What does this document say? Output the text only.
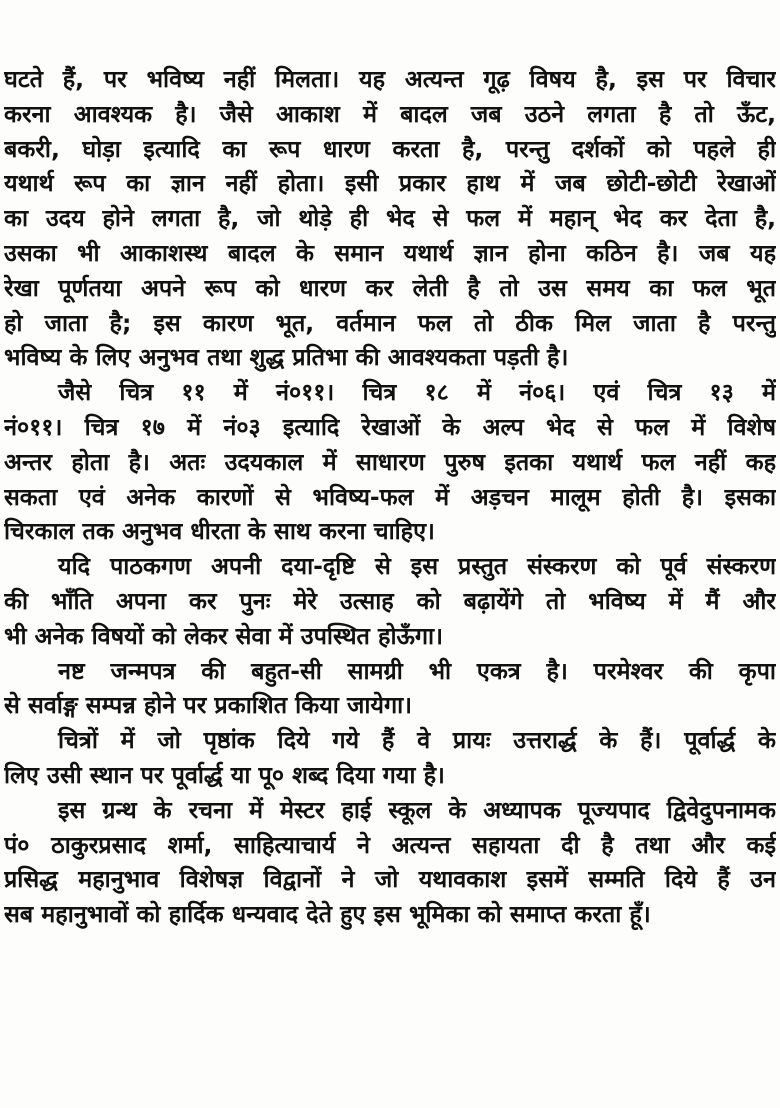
घटते हैं, पर भविष्य नहीं मिलता। यह अत्यन्त गूढ़ विषय है, इस पर विचार
करना आवश्यक है। जैसे आकाश में बादल जब उठने लगता है तो ऊँट,
बकरी, घोड़ा इत्यादि का रूप धारण करता है, परन्तु दर्शकों को पहले ही
यथार्थ रूप का ज्ञान नहीं होता। इसी प्रकार हाथ में जब छोटी-छोटी रेखाओं
का उदय होने लगता है, जो थोड़े ही भेद से फल में महान् भेद कर देता है,
उसका भी आकाशस्थ बादल के समान यथार्थ ज्ञान होना कठिन है। जब यह
रेखा पूर्णतया अपने रूप को धारण कर लेती है तो उस समय का फल भूत
हो जाता है; इस कारण भूत, वर्तमान फल तो ठीक मिल जाता है परन्तु
भविष्य के लिए अनुभव तथा शुद्ध प्रतिभा की आवश्यकता पड़ती है।
जैसे चित्र ११ में नं०११। चित्र १८ में नं०६। एवं चित्र १३ में
नं०११। चित्र १७ में नं०३ इत्यादि रेखाओं के अल्प भेद से फल में विशेष
अन्तर होता है। अतः उदयकाल में साधारण पुरुष इतका यथार्थ फल नहीं कह
सकता एवं अनेक कारणों से भविष्य-फल में अड़चन मालूम होती है। इसका
चिरकाल तक अनुभव धीरता के साथ करना चाहिए।
यदि पाठकगण अपनी दया-दृष्टि से इस प्रस्तुत संस्करण को पूर्व संस्करण
की भाँति अपना कर पुनः मेरे उत्साह को बढ़ायेंगे तो भविष्य में मैं और
भी अनेक विषयों को लेकर सेवा में उपस्थित होऊँगा।
नष्ट जन्मपत्र की बहुत-सी सामग्री भी एकत्र है। परमेश्वर की कृपा
से सर्वाङ्ग सम्पन्न होने पर प्रकाशित किया जायेगा।
चित्रों में जो पृष्ठांक दिये गये हैं वे प्रायः उत्तरार्द्ध के हैं। पूर्वार्द्ध के
लिए उसी स्थान पर पूर्वार्द्ध या पू० शब्द दिया गया है।
इस ग्रन्थ के रचना में मेस्टर हाई स्कूल के अध्यापक पूज्यपाद द्विवेदुपनामक
पं० ठाकुरप्रसाद शर्मा, साहित्याचार्य ने अत्यन्त सहायता दी है तथा और कई
प्रसिद्ध महानुभाव विशेषज्ञ विद्वानों ने जो यथावकाश इसमें सम्मति दिये हैं उन
सब महानुभावों को हार्दिक धन्यवाद देते हुए इस भूमिका को समाप्त करता हूँ।
